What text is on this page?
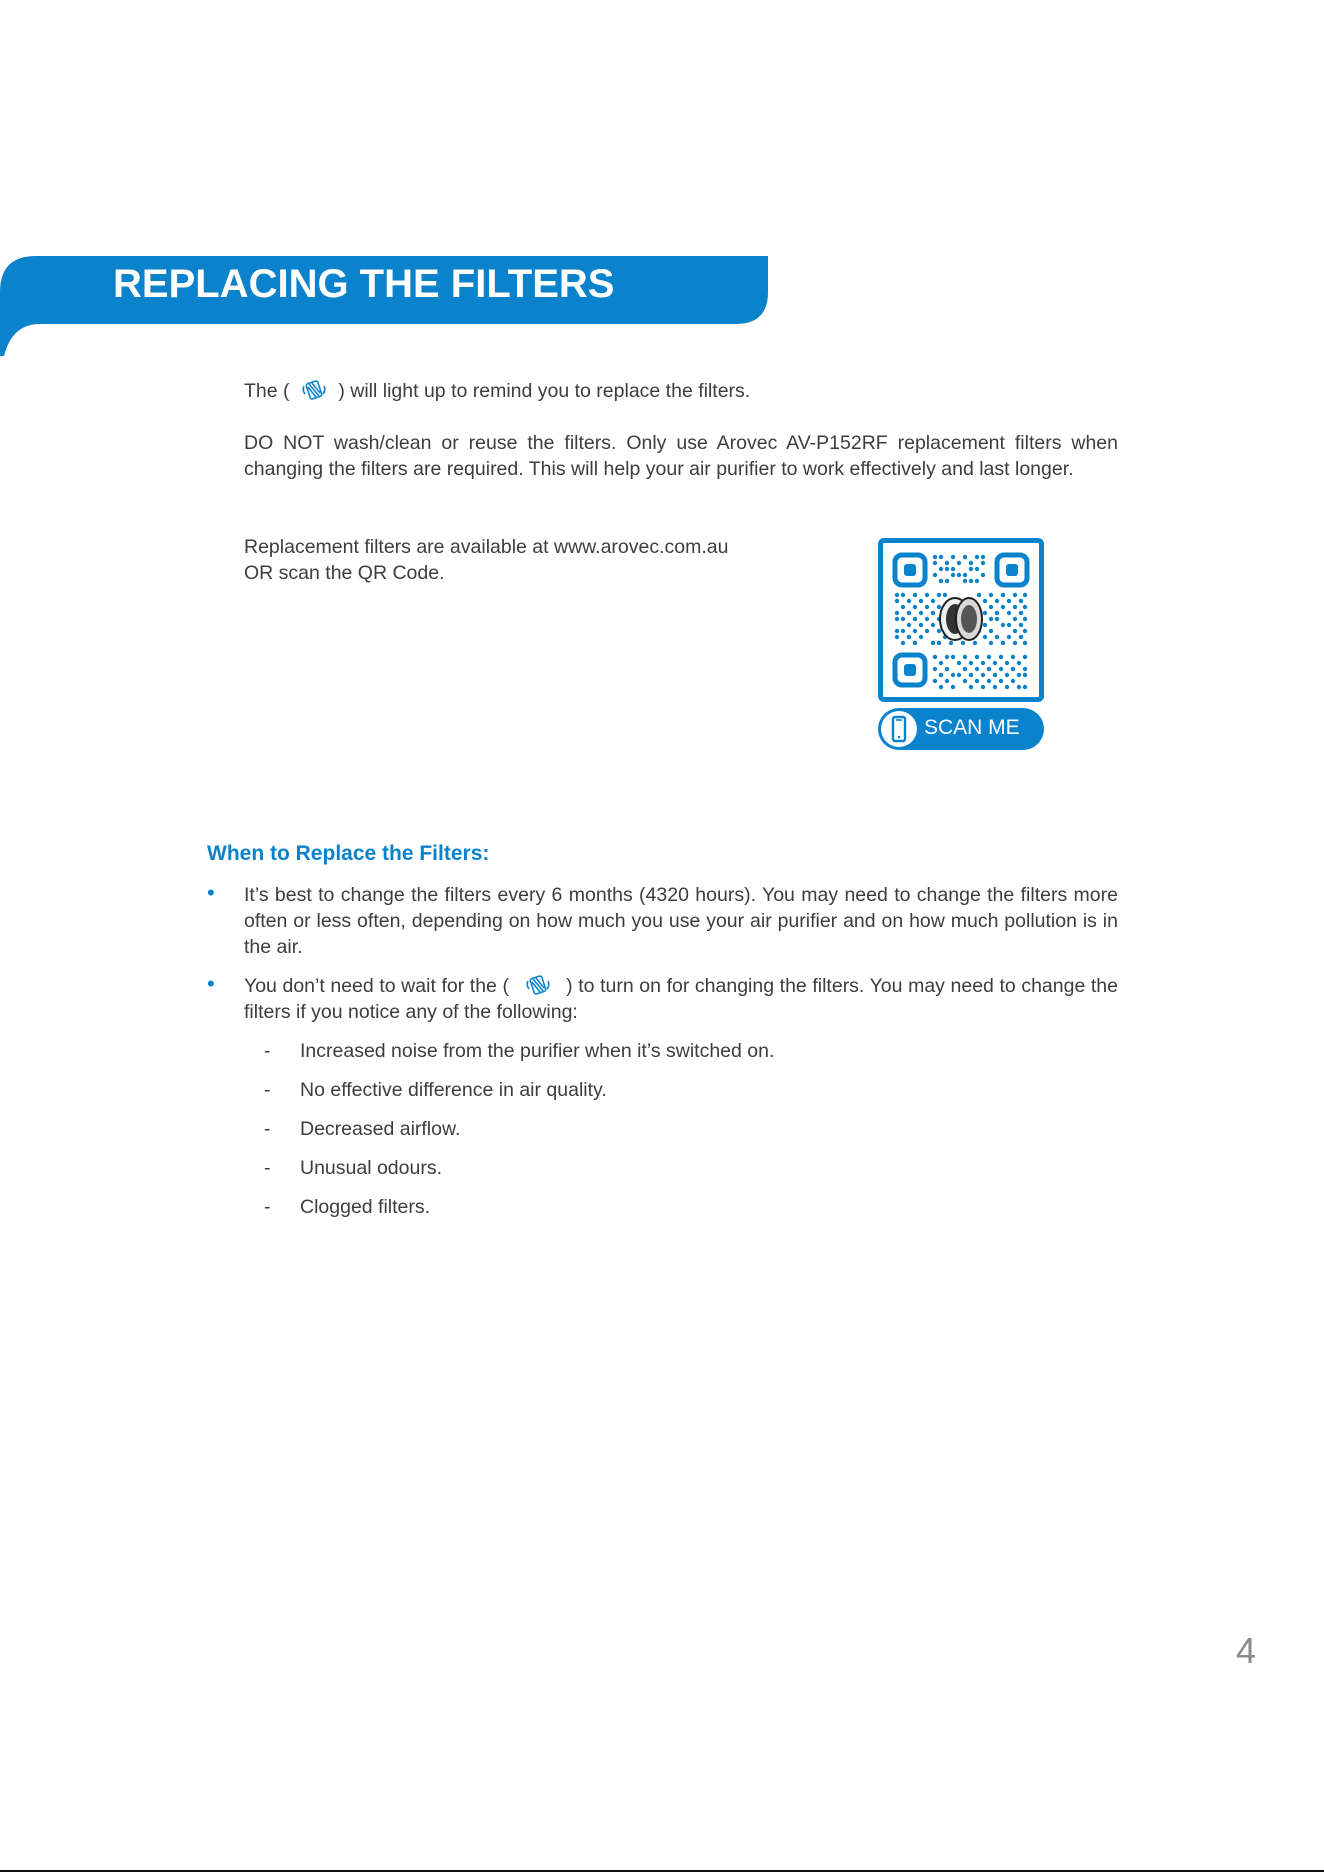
REPLACING THE FILTERS
The (	) will light up to remind you to replace the filters.
DO NOT wash/clean or reuse the filters. Only use Arovec AV-P152RF replacement filters when changing the filters are required. This will help your air purifier to work effectively and last longer.
Replacement filters are available at www.arovec.com.au
OR scan the QR Code.
SCAN ME
When to Replace the Filters:
• It’s best to change the filters every 6 months (4320 hours). You may need to change the filters more often or less often, depending on how much you use your air purifier and on how much pollution is in the air.
• You don’t need to wait for the (	) to turn on for changing the filters. You may need to change the filters if you notice any of the following:
- Increased noise from the purifier when it’s switched on.
- No effective difference in air quality.
- Decreased airflow.
- Unusual odours.
- Clogged filters.
4
